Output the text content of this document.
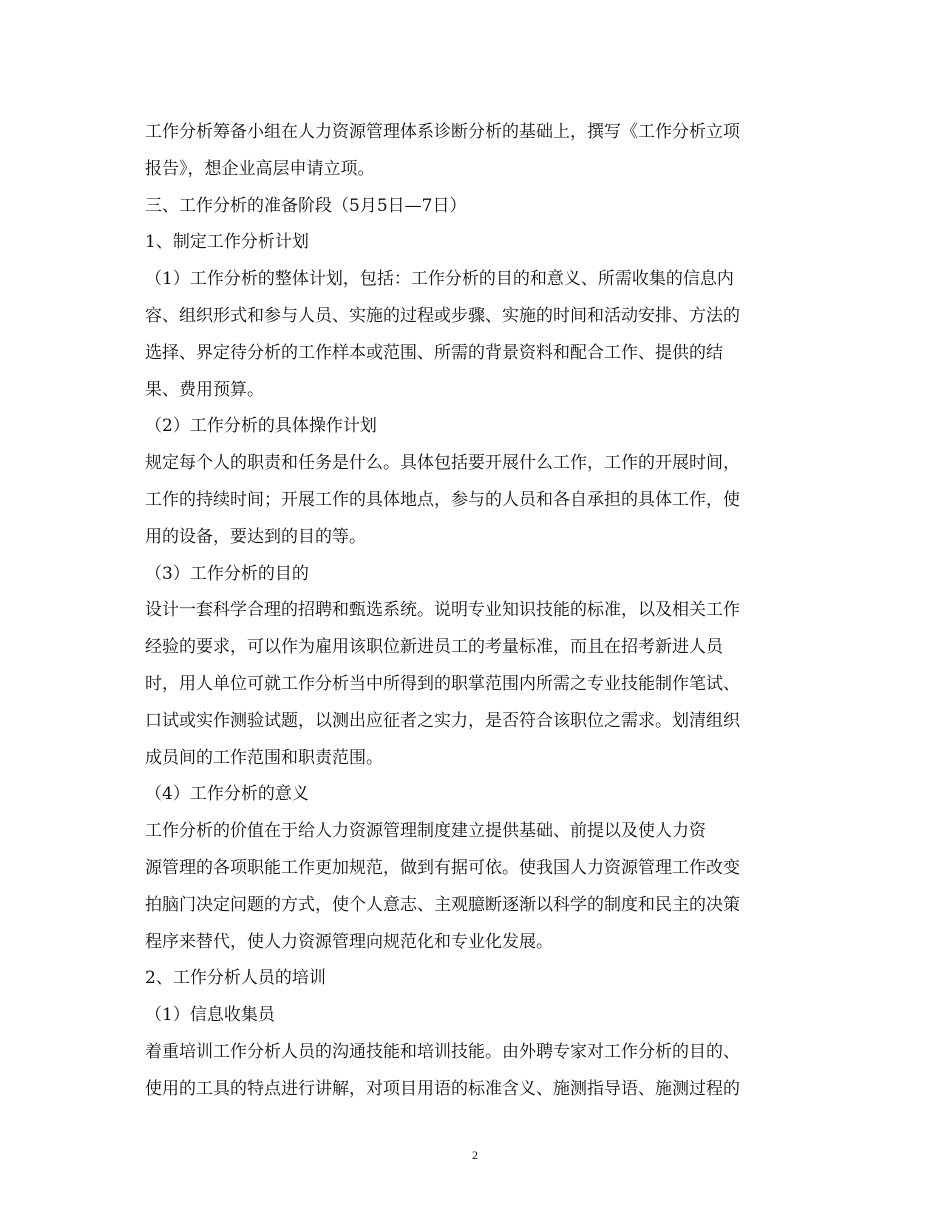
工作分析筹备小组在人力资源管理体系诊断分析的基础上，撰写《工作分析立项
报告》，想企业高层申请立项。
三、工作分析的准备阶段（5月5日—7日）
1、制定工作分析计划
（1）工作分析的整体计划，包括：工作分析的目的和意义、所需收集的信息内
容、组织形式和参与人员、实施的过程或步骤、实施的时间和活动安排、方法的
选择、界定待分析的工作样本或范围、所需的背景资料和配合工作、提供的结
果、费用预算。
（2）工作分析的具体操作计划
规定每个人的职责和任务是什么。具体包括要开展什么工作，工作的开展时间，
工作的持续时间；开展工作的具体地点，参与的人员和各自承担的具体工作，使
用的设备，要达到的目的等。
（3）工作分析的目的
设计一套科学合理的招聘和甄选系统。说明专业知识技能的标准，以及相关工作
经验的要求，可以作为雇用该职位新进员工的考量标准，而且在招考新进人员
时，用人单位可就工作分析当中所得到的职掌范围内所需之专业技能制作笔试、
口试或实作测验试题，以测出应征者之实力，是否符合该职位之需求。划清组织
成员间的工作范围和职责范围。
（4）工作分析的意义
工作分析的价值在于给人力资源管理制度建立提供基础、前提以及使人力资
源管理的各项职能工作更加规范，做到有据可依。使我国人力资源管理工作改变
拍脑门决定问题的方式，使个人意志、主观臆断逐渐以科学的制度和民主的决策
程序来替代，使人力资源管理向规范化和专业化发展。
2、工作分析人员的培训
（1）信息收集员
着重培训工作分析人员的沟通技能和培训技能。由外聘专家对工作分析的目的、
使用的工具的特点进行讲解，对项目用语的标准含义、施测指导语、施测过程的
2
